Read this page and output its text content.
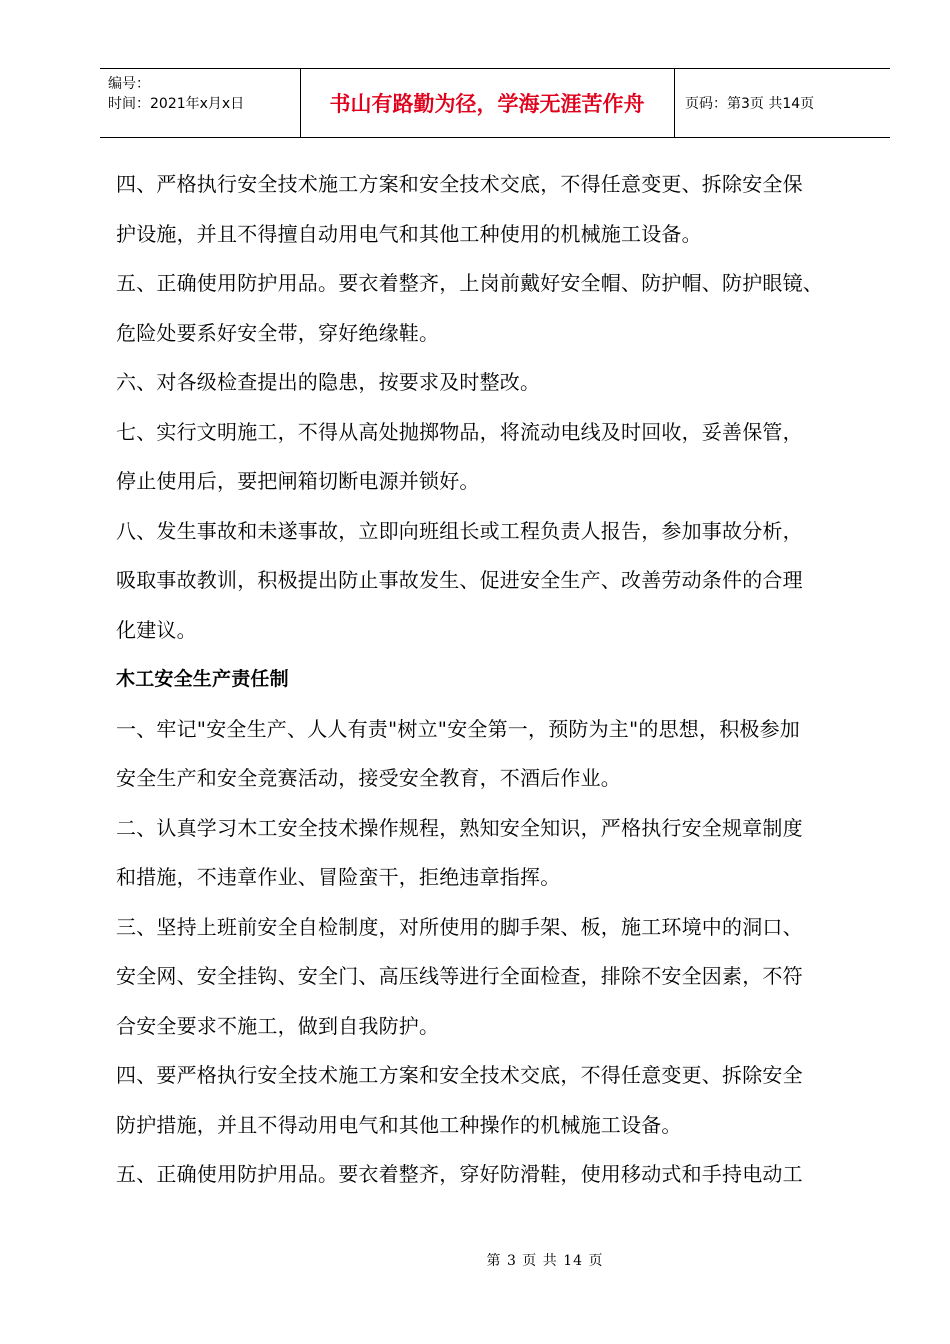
编号：
时间：2021年x月x日	书山有路勤为径，学海无涯苦作舟	页码：第3页 共14页
四、严格执行安全技术施工方案和安全技术交底，不得任意变更、拆除安全保
护设施，并且不得擅自动用电气和其他工种使用的机械施工设备。
五、正确使用防护用品。要衣着整齐，上岗前戴好安全帽、防护帽、防护眼镜、
危险处要系好安全带，穿好绝缘鞋。
六、对各级检查提出的隐患，按要求及时整改。
七、实行文明施工，不得从高处抛掷物品，将流动电线及时回收，妥善保管，
停止使用后，要把闸箱切断电源并锁好。
八、发生事故和未遂事故，立即向班组长或工程负责人报告，参加事故分析，
吸取事故教训，积极提出防止事故发生、促进安全生产、改善劳动条件的合理
化建议。
木工安全生产责任制
一、牢记"安全生产、人人有责"树立"安全第一，预防为主"的思想，积极参加
安全生产和安全竞赛活动，接受安全教育，不酒后作业。
二、认真学习木工安全技术操作规程，熟知安全知识，严格执行安全规章制度
和措施，不违章作业、冒险蛮干，拒绝违章指挥。
三、坚持上班前安全自检制度，对所使用的脚手架、板，施工环境中的洞口、
安全网、安全挂钩、安全门、高压线等进行全面检查，排除不安全因素，不符
合安全要求不施工，做到自我防护。
四、要严格执行安全技术施工方案和安全技术交底，不得任意变更、拆除安全
防护措施，并且不得动用电气和其他工种操作的机械施工设备。
五、正确使用防护用品。要衣着整齐，穿好防滑鞋，使用移动式和手持电动工
第 3 页 共 14 页
